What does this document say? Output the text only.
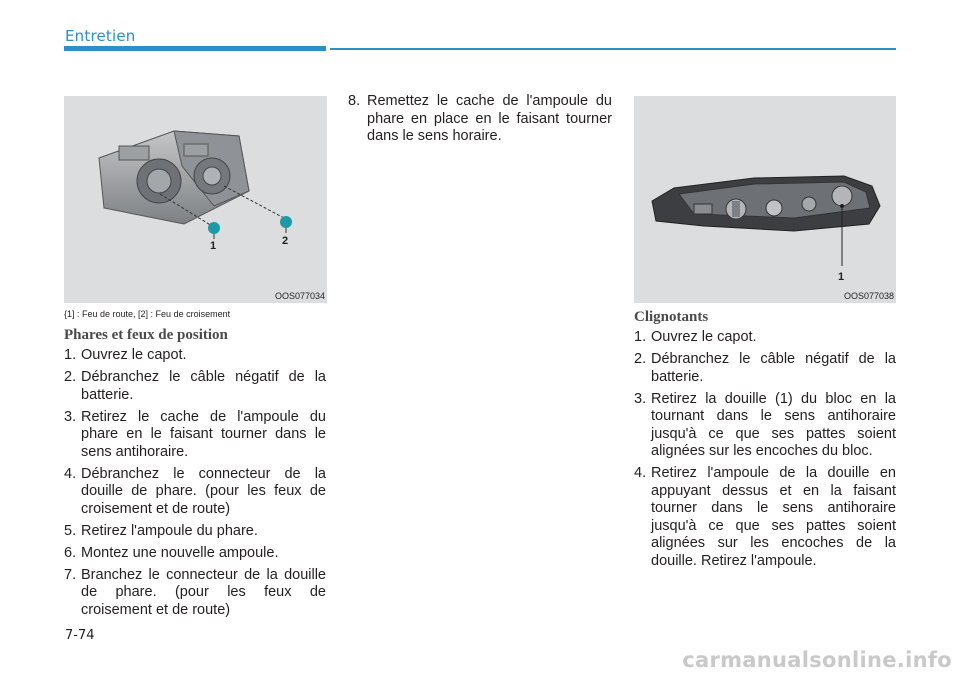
Entretien
1	2
OOS077034
{1] : Feu de route, [2] : Feu de croisement
1
OOS077038
Phares et feux de position
1. Ouvrez le capot.
2. Débranchez le câble négatif de la batterie.
3. Retirez le cache de l'ampoule du phare en le faisant tourner dans le sens antihoraire.
4. Débranchez le connecteur de la douille de phare. (pour les feux de croisement et de route)
5. Retirez l'ampoule du phare.
6. Montez une nouvelle ampoule.
7. Branchez le connecteur de la douille de phare. (pour les feux de croisement et de route)
8. Remettez le cache de l'ampoule du phare en place en le faisant tourner dans le sens horaire.
Clignotants
1. Ouvrez le capot.
2. Débranchez le câble négatif de la batterie.
3. Retirez la douille (1) du bloc en la tournant dans le sens antihoraire jusqu'à ce que ses pattes soient alignées sur les encoches du bloc.
4. Retirez l'ampoule de la douille en appuyant dessus et en la faisant tourner dans le sens antihoraire jusqu'à ce que ses pattes soient alignées sur les encoches de la douille. Retirez l'ampoule.
7-74
carmanualsonline.info
